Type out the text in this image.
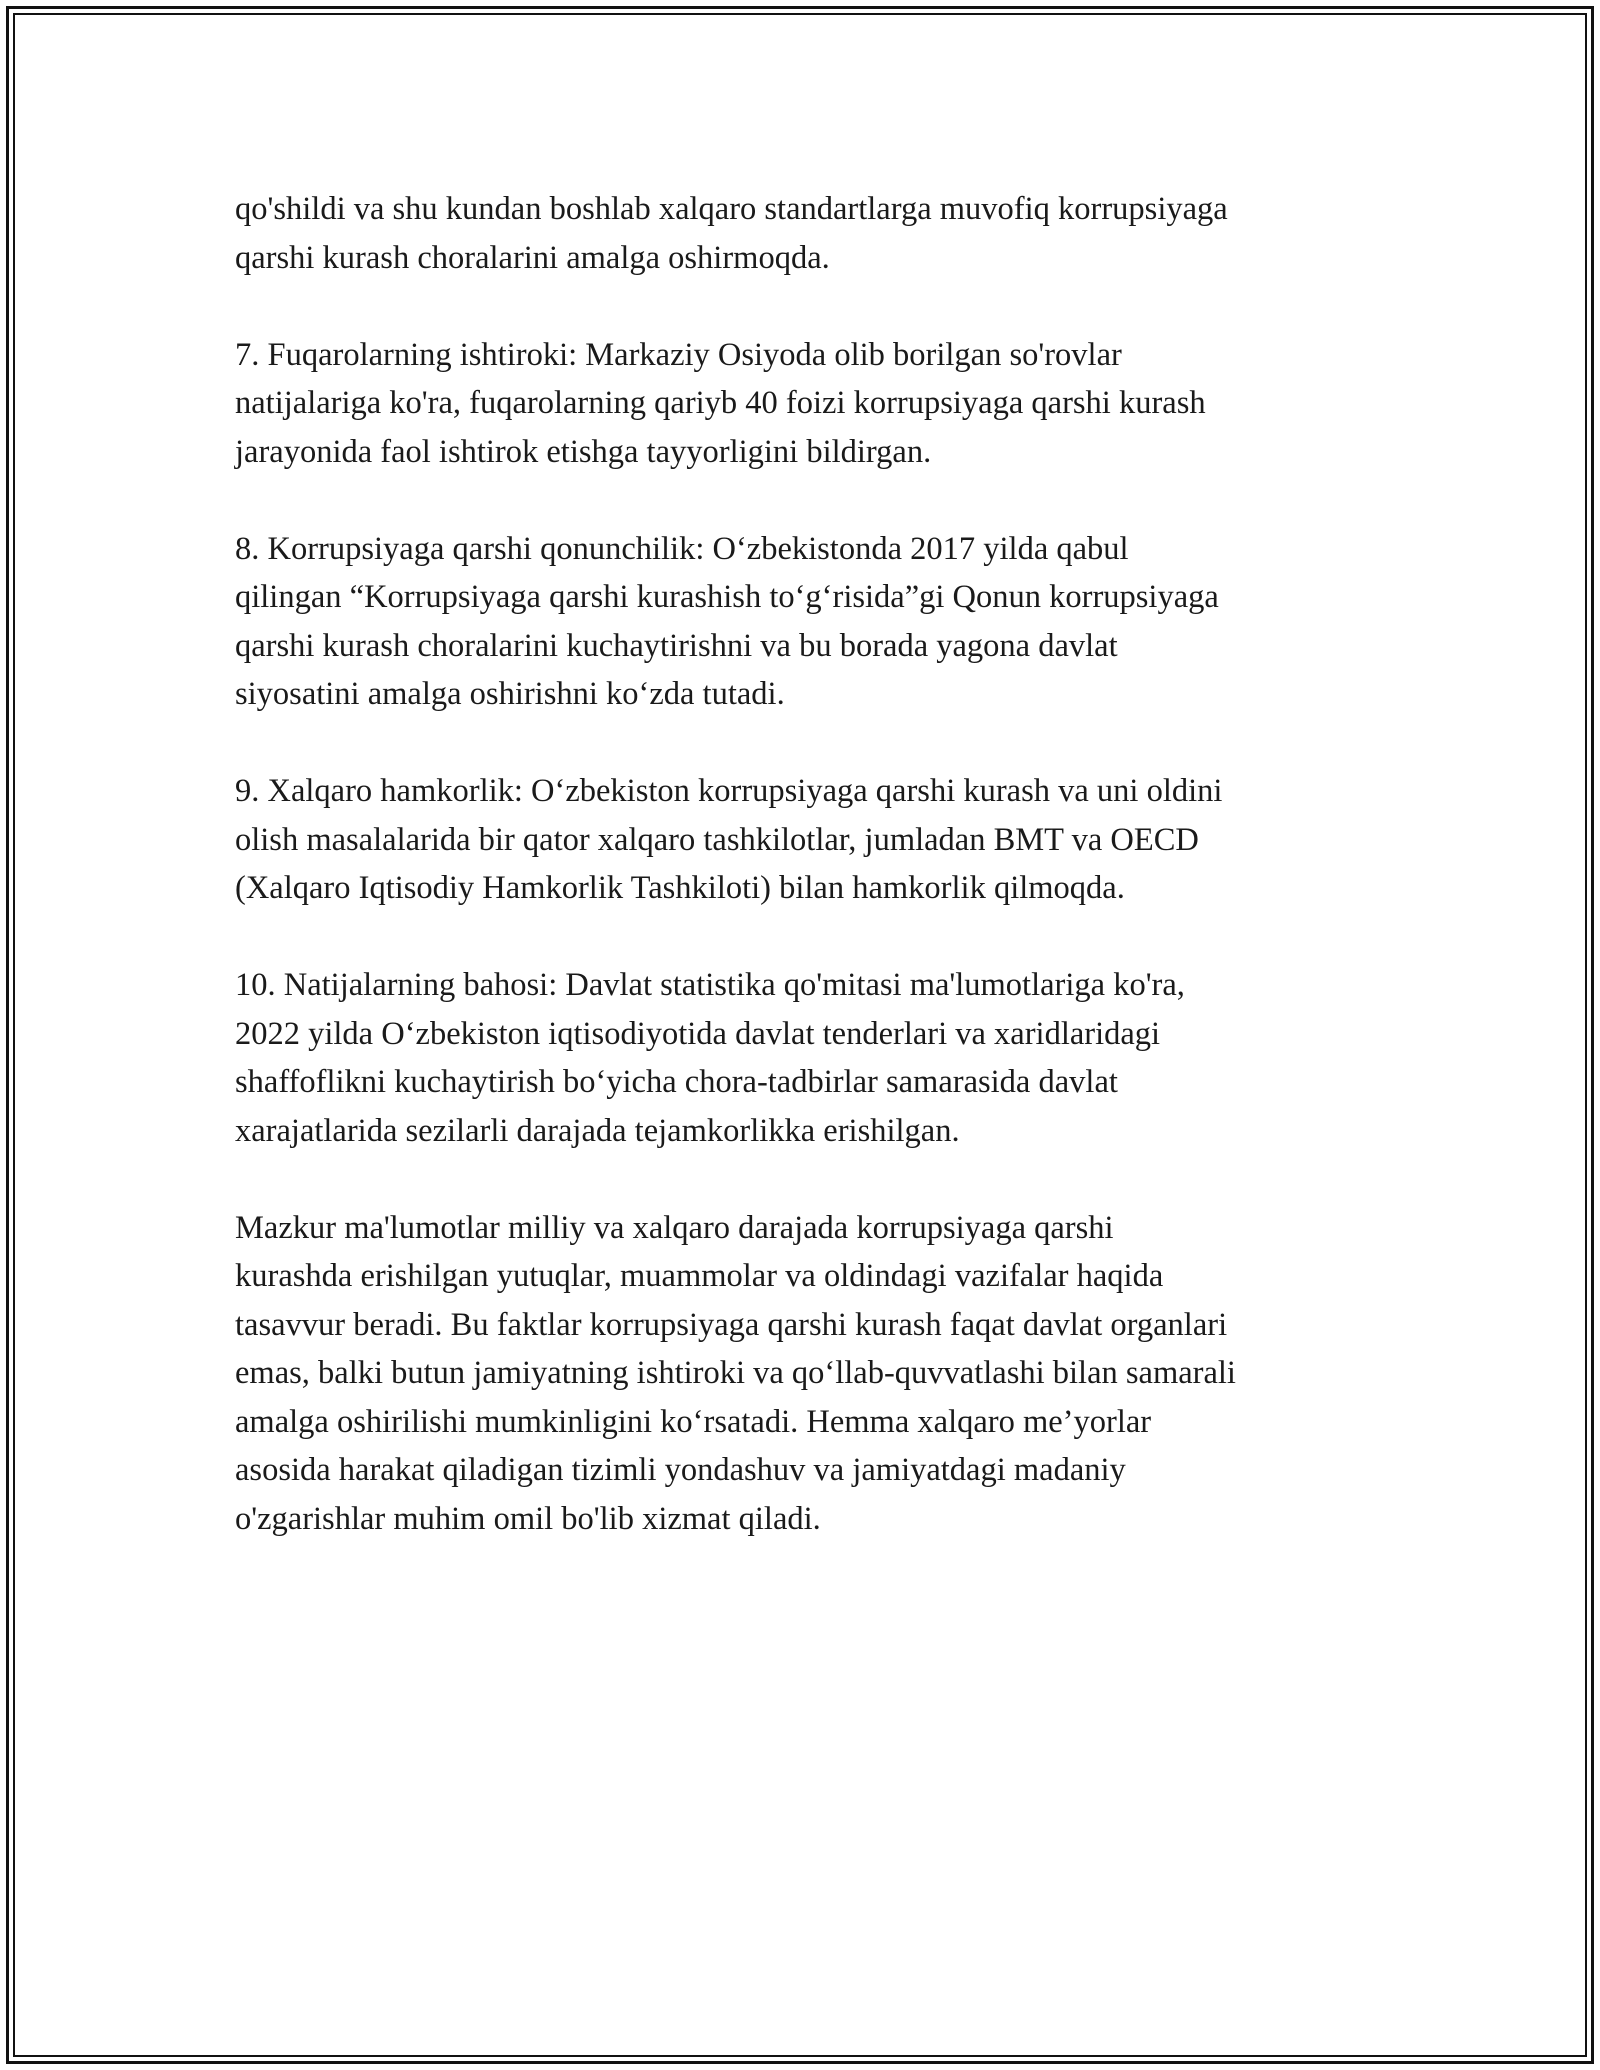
qo'shildi va shu kundan boshlab xalqaro standartlarga muvofiq korrupsiyaga
qarshi kurash choralarini amalga oshirmoqda.

7. Fuqarolarning ishtiroki: Markaziy Osiyoda olib borilgan so'rovlar
natijalariga ko'ra, fuqarolarning qariyb 40 foizi korrupsiyaga qarshi kurash
jarayonida faol ishtirok etishga tayyorligini bildirgan.

8. Korrupsiyaga qarshi qonunchilik: O‘zbekistonda 2017 yilda qabul
qilingan “Korrupsiyaga qarshi kurashish to‘g‘risida”gi Qonun korrupsiyaga
qarshi kurash choralarini kuchaytirishni va bu borada yagona davlat
siyosatini amalga oshirishni ko‘zda tutadi.

9. Xalqaro hamkorlik: O‘zbekiston korrupsiyaga qarshi kurash va uni oldini
olish masalalarida bir qator xalqaro tashkilotlar, jumladan BMT va OECD
(Xalqaro Iqtisodiy Hamkorlik Tashkiloti) bilan hamkorlik qilmoqda.

10. Natijalarning bahosi: Davlat statistika qo'mitasi ma'lumotlariga ko'ra,
2022 yilda O‘zbekiston iqtisodiyotida davlat tenderlari va xaridlaridagi
shaffoflikni kuchaytirish bo‘yicha chora-tadbirlar samarasida davlat
xarajatlarida sezilarli darajada tejamkorlikka erishilgan.

Mazkur ma'lumotlar milliy va xalqaro darajada korrupsiyaga qarshi
kurashda erishilgan yutuqlar, muammolar va oldindagi vazifalar haqida
tasavvur beradi. Bu faktlar korrupsiyaga qarshi kurash faqat davlat organlari
emas, balki butun jamiyatning ishtiroki va qo‘llab-quvvatlashi bilan samarali
amalga oshirilishi mumkinligini ko‘rsatadi. Hemma xalqaro me’yorlar
asosida harakat qiladigan tizimli yondashuv va jamiyatdagi madaniy
o'zgarishlar muhim omil bo'lib xizmat qiladi.
